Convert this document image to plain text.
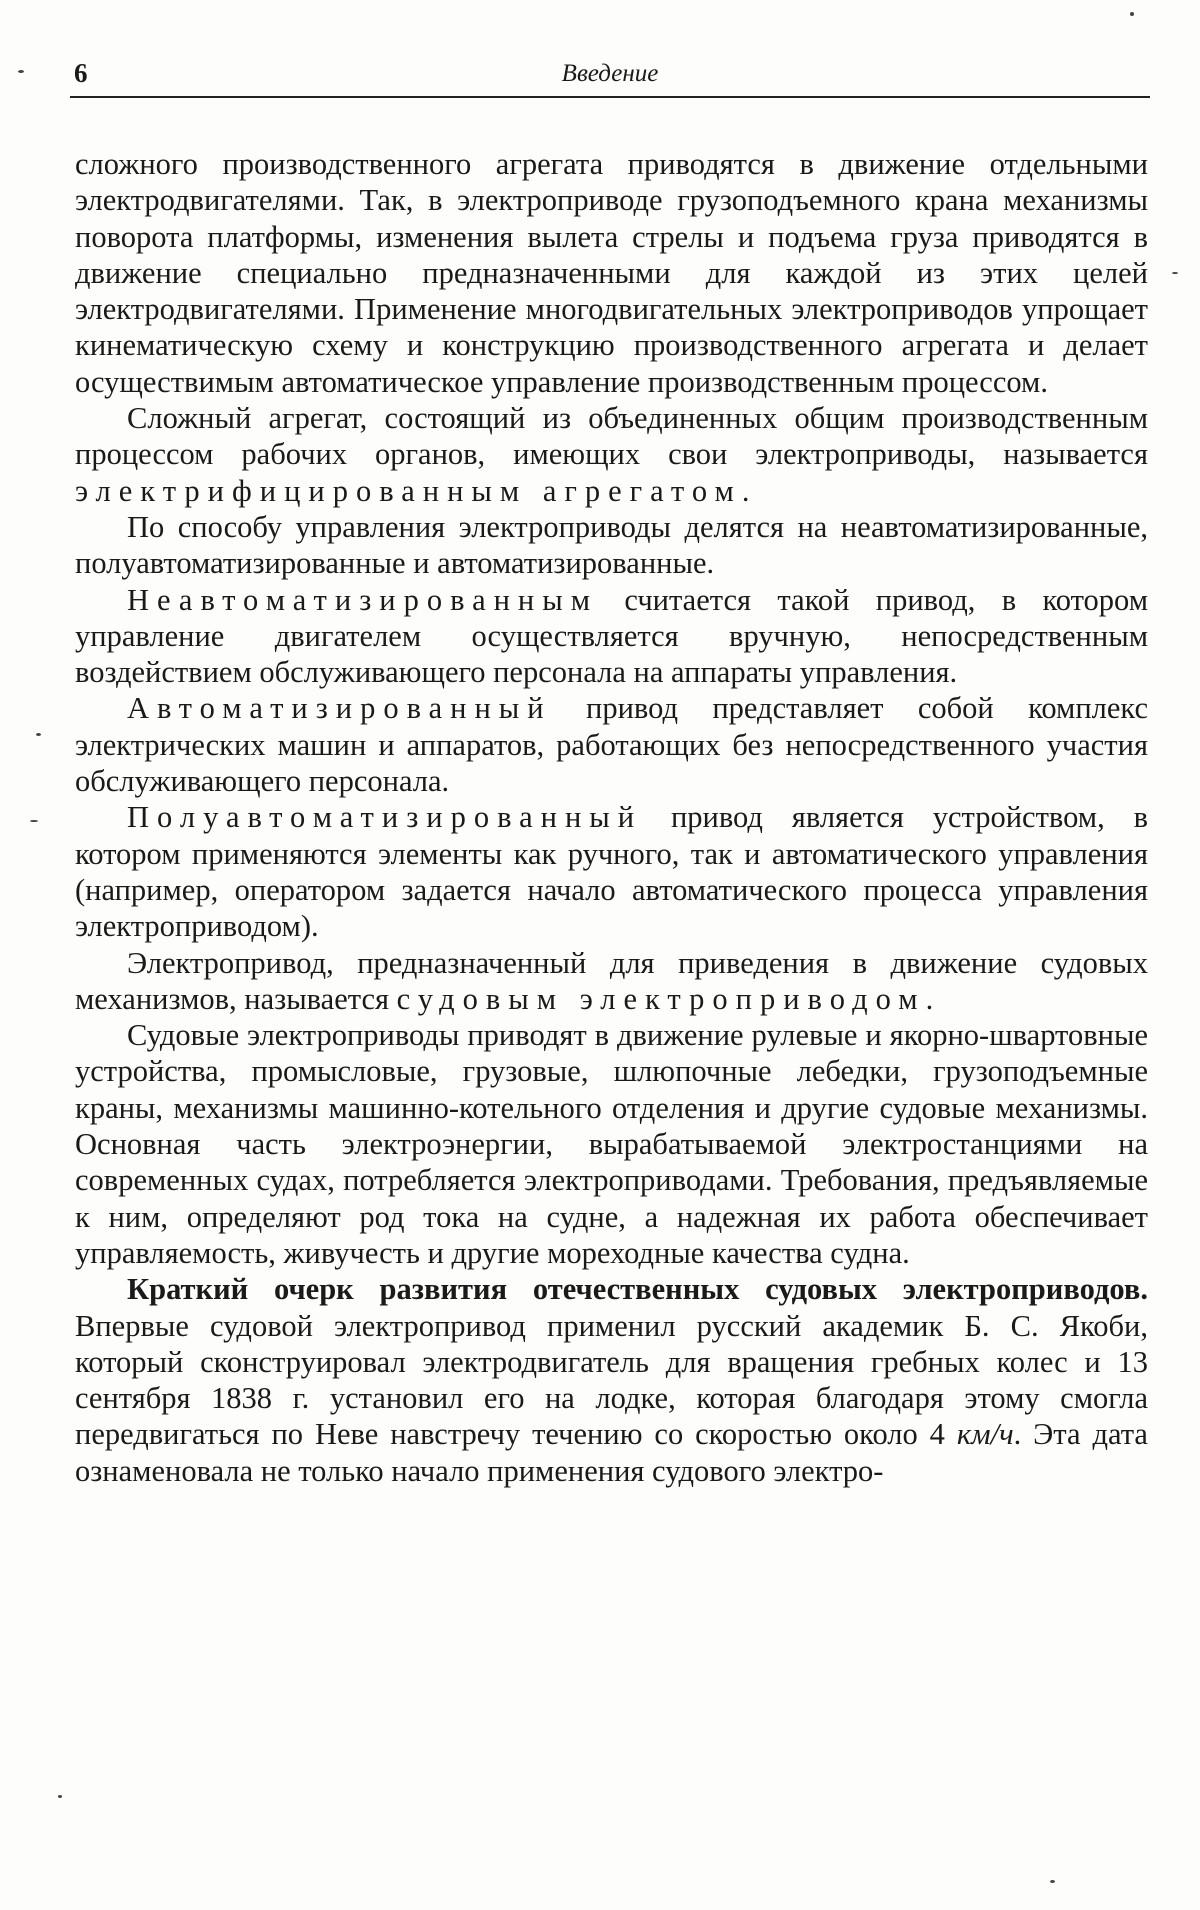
6	Введение

сложного производственного агрегата приводятся в движение отдельными электродвигателями. Так, в электроприводе грузоподъемного крана механизмы поворота платформы, изменения вылета стрелы и подъема груза приводятся в движение специально предназначенными для каждой из этих целей электродвигателями. Применение многодвигательных электроприводов упрощает кинематическую схему и конструкцию производственного агрегата и делает осуществимым автоматическое управление производственным процессом.

Сложный агрегат, состоящий из объединенных общим производственным процессом рабочих органов, имеющих свои электроприводы, называется электрифицированным агрегатом.

По способу управления электроприводы делятся на неавтоматизированные, полуавтоматизированные и автоматизированные.

Неавтоматизированным считается такой привод, в котором управление двигателем осуществляется вручную, непосредственным воздействием обслуживающего персонала на аппараты управления.

Автоматизированный привод представляет собой комплекс электрических машин и аппаратов, работающих без непосредственного участия обслуживающего персонала.

Полуавтоматизированный привод является устройством, в котором применяются элементы как ручного, так и автоматического управления (например, оператором задается начало автоматического процесса управления электроприводом).

Электропривод, предназначенный для приведения в движение судовых механизмов, называется судовым электроприводом.

Судовые электроприводы приводят в движение рулевые и якорно-швартовные устройства, промысловые, грузовые, шлюпочные лебедки, грузоподъемные краны, механизмы машинно-котельного отделения и другие судовые механизмы. Основная часть электроэнергии, вырабатываемой электростанциями на современных судах, потребляется электроприводами. Требования, предъявляемые к ним, определяют род тока на судне, а надежная их работа обеспечивает управляемость, живучесть и другие мореходные качества судна.

Краткий очерк развития отечественных судовых электроприводов. Впервые судовой электропривод применил русский академик Б. С. Якоби, который сконструировал электродвигатель для вращения гребных колес и 13 сентября 1838 г. установил его на лодке, которая благодаря этому смогла передвигаться по Неве навстречу течению со скоростью около 4 км/ч. Эта дата ознаменовала не только начало применения судового электро-
